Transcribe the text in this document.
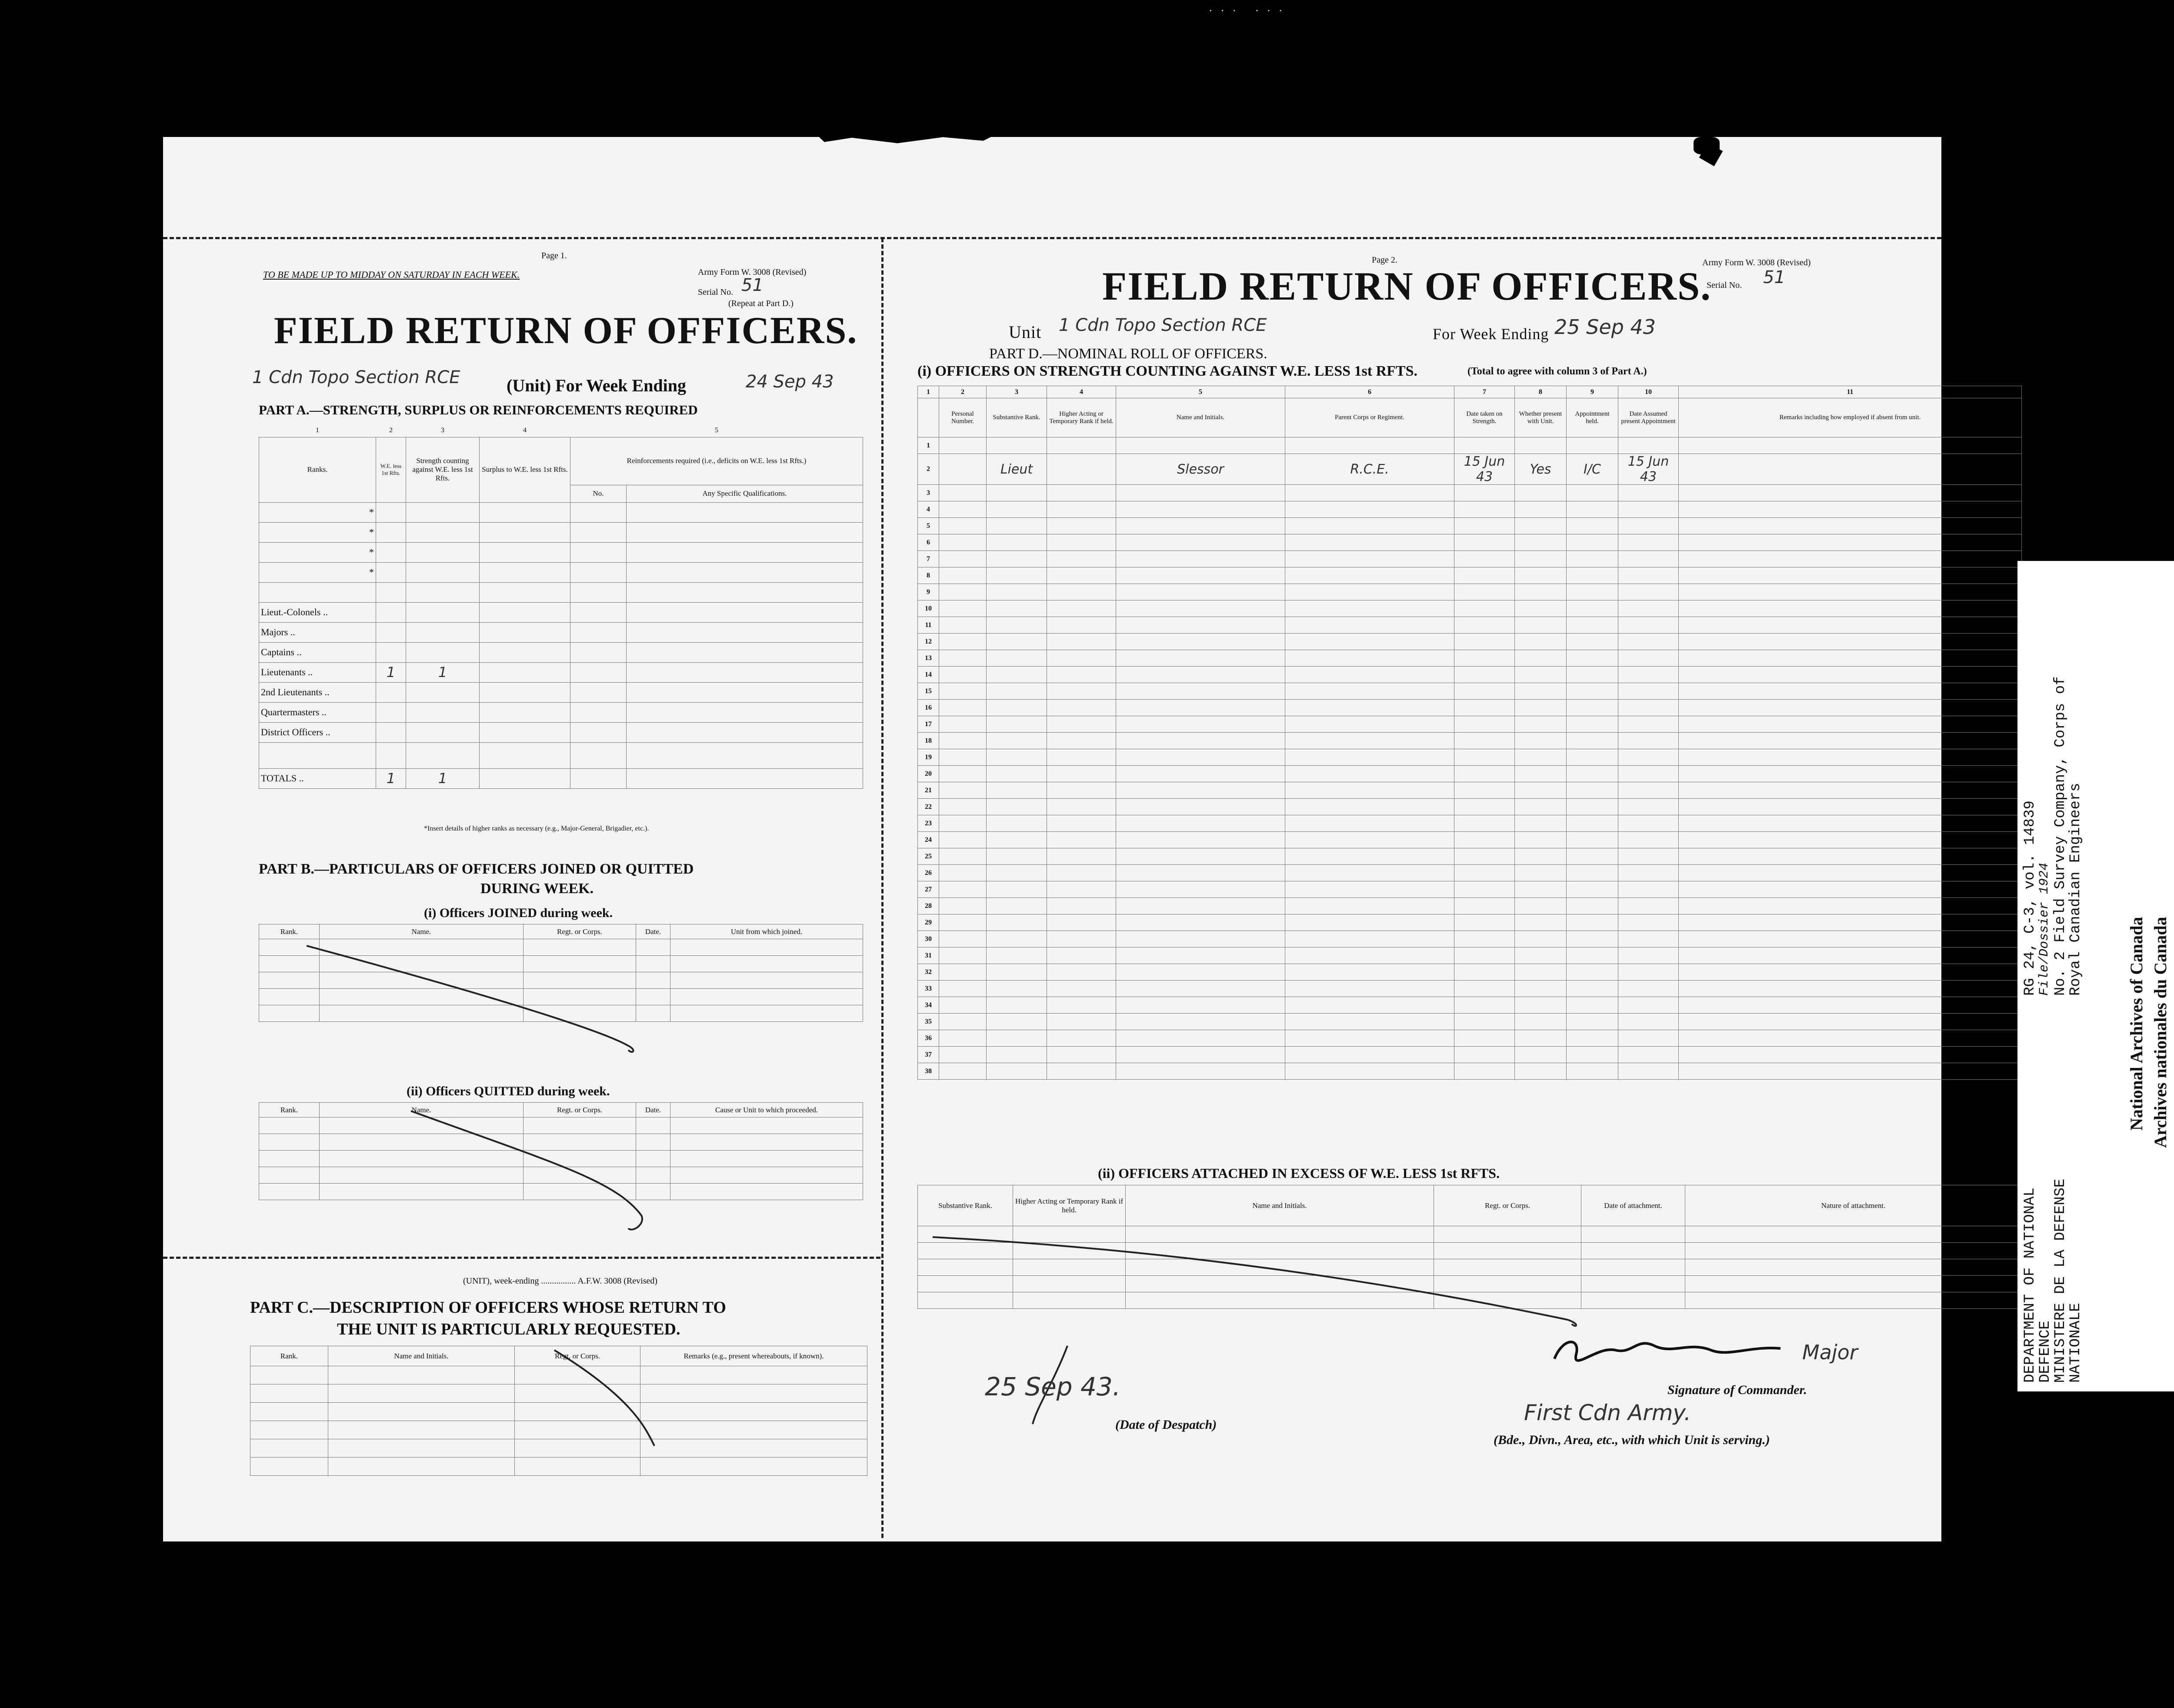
· · ·   · · ·
Page 1.
Army Form W. 3008 (Revised)
TO BE MADE UP TO MIDDAY ON SATURDAY IN EACH WEEK.
Serial No. 51
(Repeat at Part D.)
FIELD RETURN OF OFFICERS.
1 Cdn Topo Section RCE	(Unit) For Week Ending	24 Sep 43
PART A.—STRENGTH, SURPLUS OR REINFORCEMENTS REQUIRED
1	2	3	4	5	
Ranks.	W.E. less 1st Rfts.	Strength counting against W.E. less 1st Rfts.	Surplus to W.E. less 1st Rfts.	Reinforcements required (i.e., deficits on W.E. less 1st Rfts.)	
				No.	Any Specific Qualifications.
*					
*					
*					
*					

Lieut.-Colonels ..					
Majors ..					
Captains ..					
Lieutenants ..	1	1			
2nd Lieutenants ..					
Quartermasters ..					
District Officers ..					

TOTALS ..	1	1			
*Insert details of higher ranks as necessary (e.g., Major-General, Brigadier, etc.).
PART B.—PARTICULARS OF OFFICERS JOINED OR QUITTED
DURING WEEK.
(i) Officers JOINED during week.
Rank.	Name.	Regt. or Corps.	Date.	Unit from which joined.

(ii) Officers QUITTED during week.
Rank.	Name.	Regt. or Corps.	Date.	Cause or Unit to which proceeded.

(UNIT), week-ending ................ A.F.W. 3008 (Revised)
PART C.—DESCRIPTION OF OFFICERS WHOSE RETURN TO
THE UNIT IS PARTICULARLY REQUESTED.
Rank.	Name and Initials.	Regt. or Corps.	Remarks (e.g., present whereabouts, if known).

Page 2.	Army Form W. 3008 (Revised)
Serial No. 51
FIELD RETURN OF OFFICERS.
Unit 1 Cdn Topo Section RCE	For Week Ending 25 Sep 43
PART D.—NOMINAL ROLL OF OFFICERS.
(i) OFFICERS ON STRENGTH COUNTING AGAINST W.E. LESS 1st RFTS.	(Total to agree with column 3 of Part A.)
1	2	3	4	5	6	7	8	9	10	11
	Personal Number.	Substantive Rank.	Higher Acting or Temporary Rank if held.	Name and Initials.	Parent Corps or Regiment.	Date taken on Strength.	Whether present with Unit.	Appointment held.	Date Assumed present Appointment	Remarks including how employed if absent from unit.
1										
2		Lieut		Slessor	R.C.E.	15 Jun 43	Yes	I/C	15 Jun 43	
3										
4										
5										
6										
7										
8										
9										
10										
11										
12										
13										
14										
15										
16										
17										
18										
19										
20										
21										
22										
23										
24										
25										
26										
27										
28										
29										
30										
31										
32										
33										
34										
35										
36										
37										
38										
(ii) OFFICERS ATTACHED IN EXCESS OF W.E. LESS 1st RFTS.
Substantive Rank.	Higher Acting or Temporary Rank if held.	Name and Initials.	Regt. or Corps.	Date of attachment.	Nature of attachment.

25 Sep 43.
(Date of Despatch)
Major
Signature of Commander.
First Cdn Army.
(Bde., Divn., Area, etc., with which Unit is serving.)
DEPARTMENT OF NATIONAL
DEFENCE
MINISTERE DE LA DEFENSE
NATIONALE
RG 24, C-3, vol. 14839
File/Dossier 1924 No. 2 Field Survey Company, Corps of
Royal Canadian Engineers
National Archives of Canada Archives nationales du Canada
